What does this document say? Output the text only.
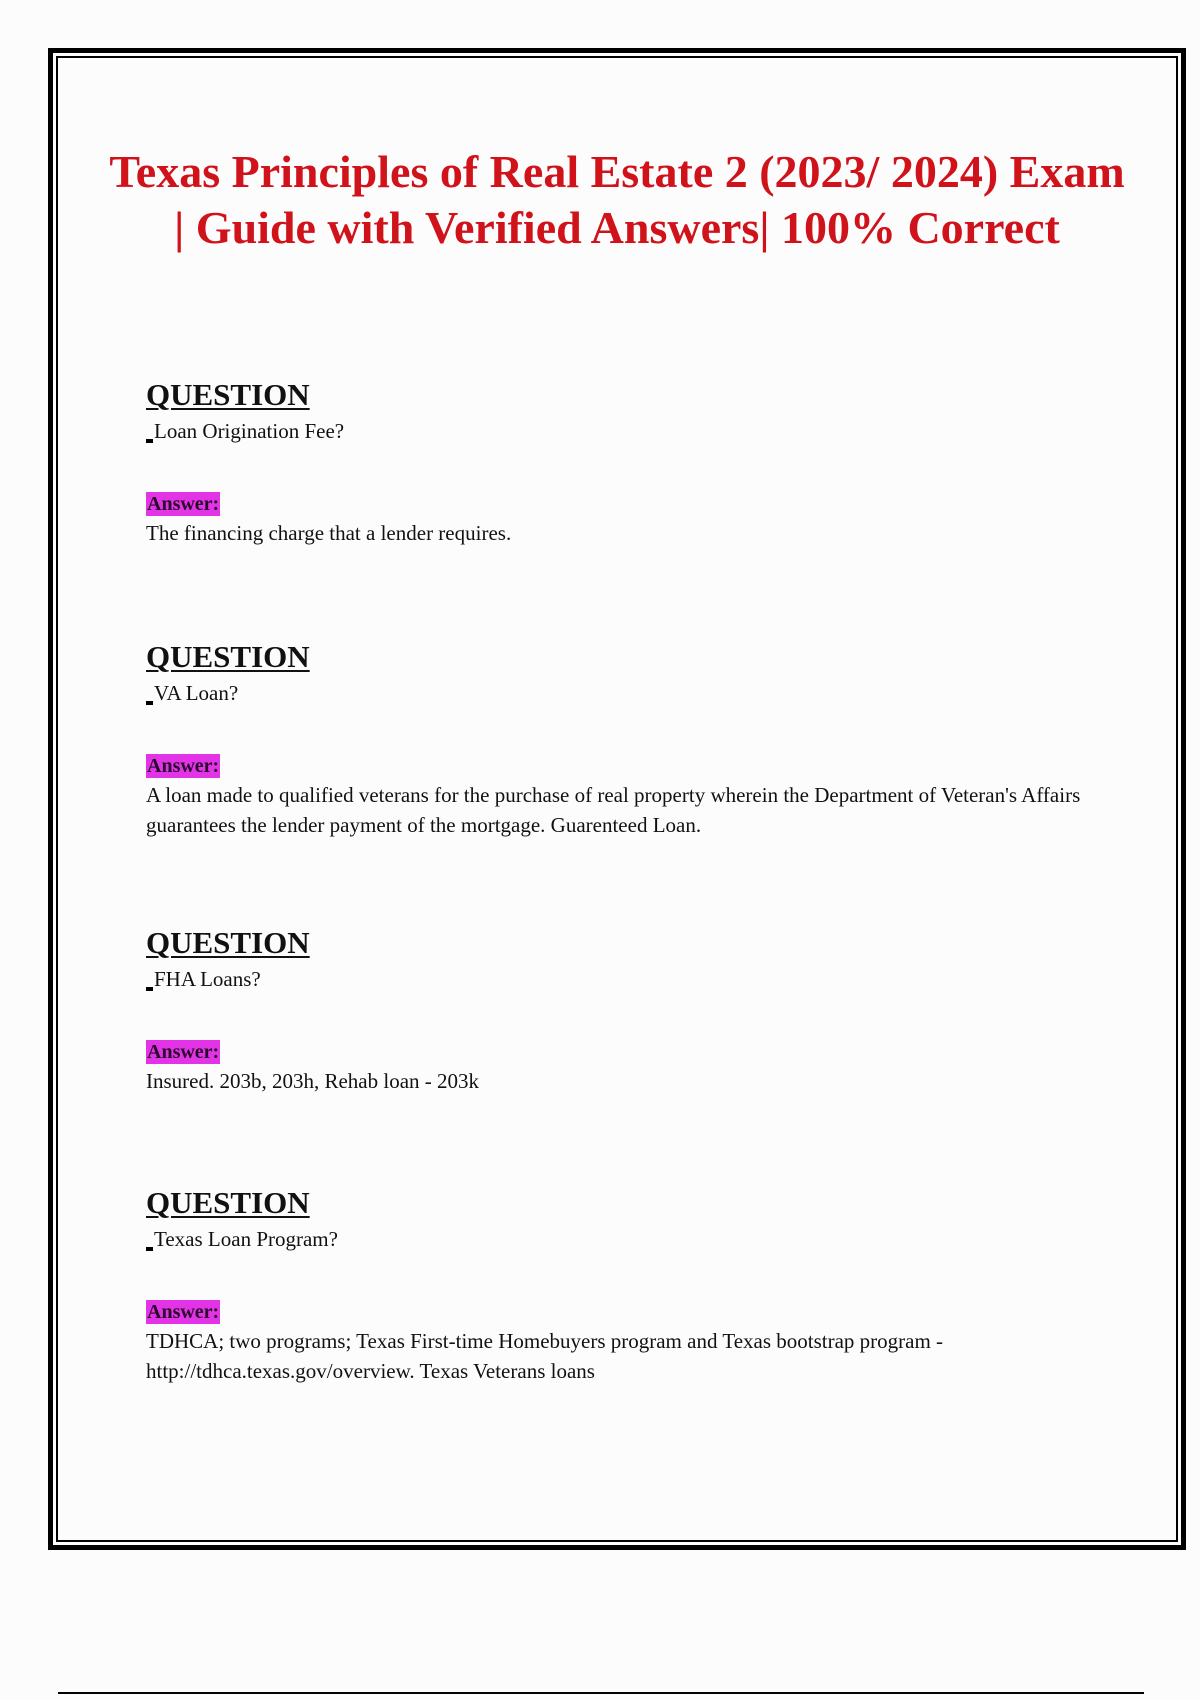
Texas Principles of Real Estate 2 (2023/ 2024) Exam | Guide with Verified Answers| 100% Correct
QUESTION
Loan Origination Fee?
Answer:
The financing charge that a lender requires.
QUESTION
VA Loan?
Answer:
A loan made to qualified veterans for the purchase of real property wherein the Department of Veteran's Affairs guarantees the lender payment of the mortgage. Guarenteed Loan.
QUESTION
FHA Loans?
Answer:
Insured. 203b, 203h, Rehab loan - 203k
QUESTION
Texas Loan Program?
Answer:
TDHCA; two programs; Texas First-time Homebuyers program and Texas bootstrap program - http://tdhca.texas.gov/overview. Texas Veterans loans
